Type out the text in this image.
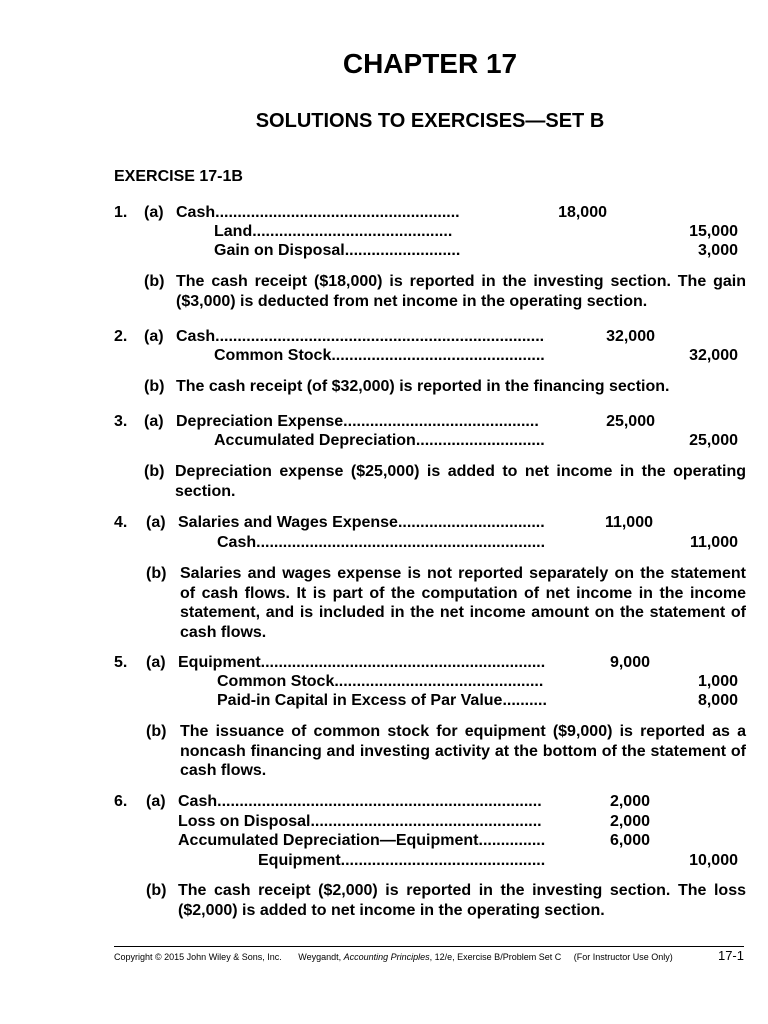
CHAPTER 17
SOLUTIONS TO EXERCISES—SET B
EXERCISE 17-1B
1. (a) Cash.......................................................	18,000
Land.............................................	15,000
Gain on Disposal..........................	3,000
(b) The cash receipt ($18,000) is reported in the investing section. The gain ($3,000) is deducted from net income in the operating section.
2. (a) Cash..........................................................................	32,000
Common Stock................................................	32,000
(b) The cash receipt (of $32,000) is reported in the financing section.
3. (a) Depreciation Expense............................................	25,000
Accumulated Depreciation.............................	25,000
(b) Depreciation expense ($25,000) is added to net income in the operating section.
4. (a) Salaries and Wages Expense.................................	11,000
Cash.................................................................	11,000
(b) Salaries and wages expense is not reported separately on the statement of cash flows. It is part of the computation of net income in the income statement, and is included in the net income amount on the statement of cash flows.
5. (a) Equipment................................................................	9,000
Common Stock...............................................	1,000
Paid-in Capital in Excess of Par Value..........	8,000
(b) The issuance of common stock for equipment ($9,000) is reported as a noncash financing and investing activity at the bottom of the statement of cash flows.
6. (a) Cash.........................................................................	2,000
Loss on Disposal....................................................	2,000
Accumulated Depreciation—Equipment...............	6,000
Equipment..............................................	10,000
(b) The cash receipt ($2,000) is reported in the investing section. The loss ($2,000) is added to net income in the operating section.
Copyright © 2015 John Wiley & Sons, Inc. Weygandt, Accounting Principles, 12/e, Exercise B/Problem Set C (For Instructor Use Only)	17-1
